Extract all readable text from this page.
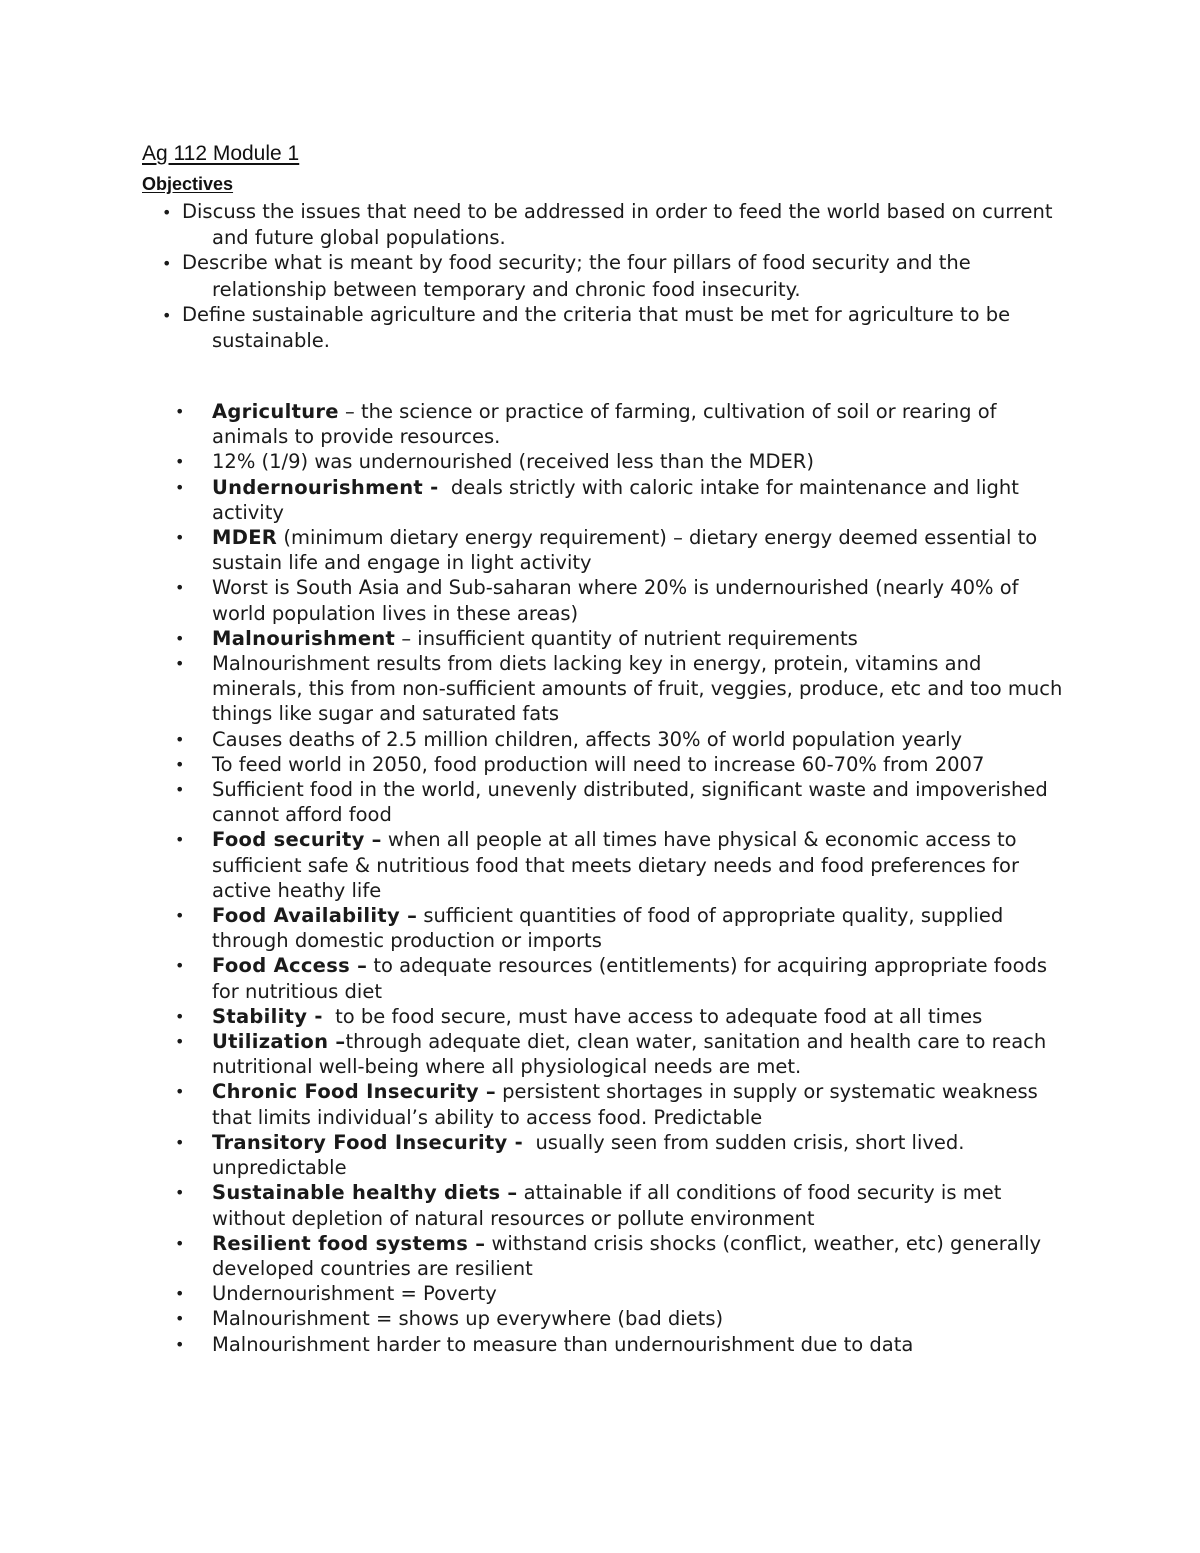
Ag 112 Module 1
Objectives
• Discuss the issues that need to be addressed in order to feed the world based on current and future global populations.
• Describe what is meant by food security; the four pillars of food security and the relationship between temporary and chronic food insecurity.
• Define sustainable agriculture and the criteria that must be met for agriculture to be sustainable.
• Agriculture – the science or practice of farming, cultivation of soil or rearing of animals to provide resources.
• 12% (1/9) was undernourished (received less than the MDER)
• Undernourishment -  deals strictly with caloric intake for maintenance and light activity
• MDER (minimum dietary energy requirement) – dietary energy deemed essential to sustain life and engage in light activity
• Worst is South Asia and Sub-saharan where 20% is undernourished (nearly 40% of world population lives in these areas)
• Malnourishment – insufficient quantity of nutrient requirements
• Malnourishment results from diets lacking key in energy, protein, vitamins and minerals, this from non-sufficient amounts of fruit, veggies, produce, etc and too much things like sugar and saturated fats
• Causes deaths of 2.5 million children, affects 30% of world population yearly
• To feed world in 2050, food production will need to increase 60-70% from 2007
• Sufficient food in the world, unevenly distributed, significant waste and impoverished cannot afford food
• Food security – when all people at all times have physical & economic access to sufficient safe & nutritious food that meets dietary needs and food preferences for active heathy life
• Food Availability – sufficient quantities of food of appropriate quality, supplied through domestic production or imports
• Food Access – to adequate resources (entitlements) for acquiring appropriate foods for nutritious diet
• Stability -  to be food secure, must have access to adequate food at all times
• Utilization –through adequate diet, clean water, sanitation and health care to reach nutritional well-being where all physiological needs are met.
• Chronic Food Insecurity – persistent shortages in supply or systematic weakness that limits individual’s ability to access food. Predictable
• Transitory Food Insecurity -  usually seen from sudden crisis, short lived. unpredictable
• Sustainable healthy diets – attainable if all conditions of food security is met without depletion of natural resources or pollute environment
• Resilient food systems – withstand crisis shocks (conflict, weather, etc) generally developed countries are resilient
• Undernourishment = Poverty
• Malnourishment = shows up everywhere (bad diets)
• Malnourishment harder to measure than undernourishment due to data
